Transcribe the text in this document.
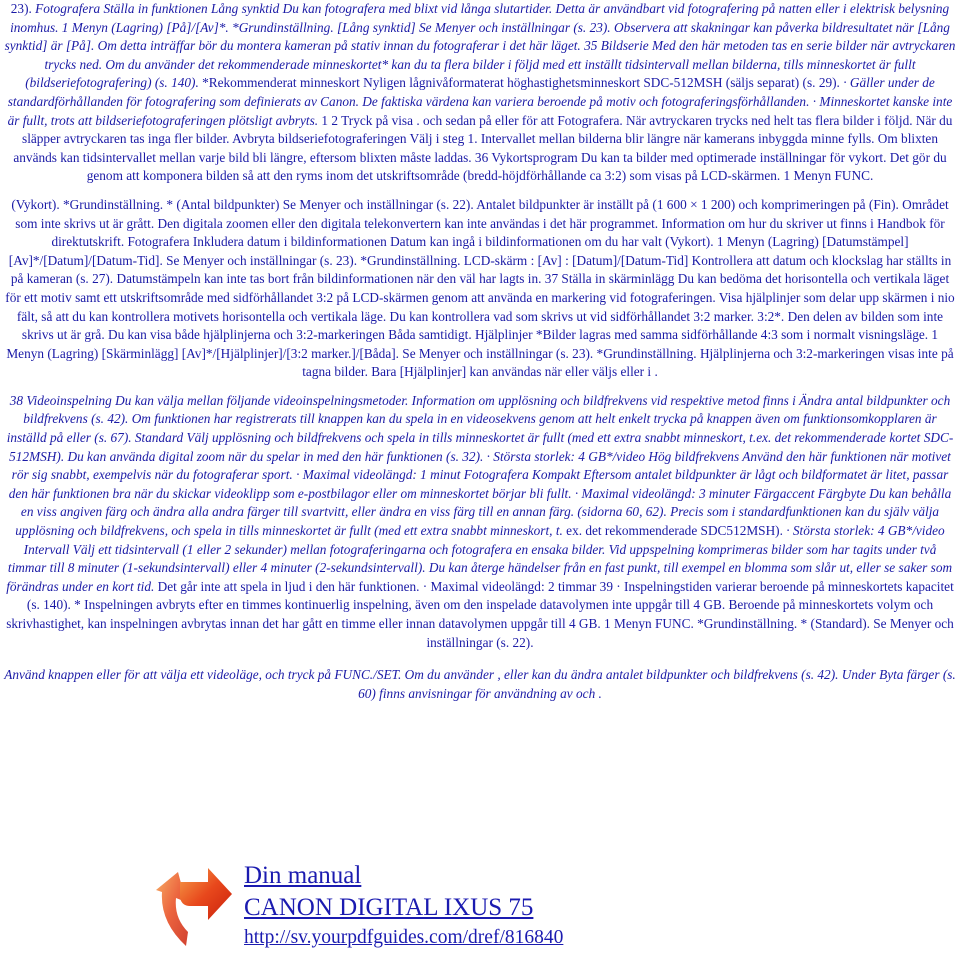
23). Fotografera Ställa in funktionen Lång synktid Du kan fotografera med blixt vid långa slutartider. Detta är användbart vid fotografering på natten eller i elektrisk belysning inomhus. 1 Menyn (Lagring) [På]/[Av]*. *Grundinställning. [Lång synktid] Se Menyer och inställningar (s. 23). Observera att skakningar kan påverka bildresultatet när [Lång synktid] är [På]. Om detta inträffar bör du montera kameran på stativ innan du fotograferar i det här läget. 35 Bildserie Med den här metoden tas en serie bilder när avtryckaren trycks ned. Om du använder det rekommenderade minneskortet* kan du ta flera bilder i följd med ett inställt tidsintervall mellan bilderna, tills minneskortet är fullt (bildseriefotografering) (s. 140). *Rekommenderat minneskort Nyligen lågnivåformaterat höghastighetsminneskort SDC-512MSH (säljs separat) (s. 29). · Gäller under de standardförhållanden för fotografering som definierats av Canon. De faktiska värdena kan variera beroende på motiv och fotograferingsförhållanden. · Minneskortet kanske inte är fullt, trots att bildseriefotograferingen plötsligt avbryts. 1 2 Tryck på visa . och sedan på eller för att Fotografera. När avtryckaren trycks ned helt tas flera bilder i följd. När du släpper avtryckaren tas inga fler bilder. Avbryta bildseriefotograferingen Välj i steg 1. Intervallet mellan bilderna blir längre när kamerans inbyggda minne fylls. Om blixten används kan tidsintervallet mellan varje bild bli längre, eftersom blixten måste laddas. 36 Vykortsprogram Du kan ta bilder med optimerade inställningar för vykort. Det gör du genom att komponera bilden så att den ryms inom det utskriftsområde (bredd-höjdförhållande ca 3:2) som visas på LCD-skärmen. 1 Menyn FUNC.

(Vykort). *Grundinställning. * (Antal bildpunkter) Se Menyer och inställningar (s. 22). Antalet bildpunkter är inställt på (1 600 × 1 200) och komprimeringen på (Fin). Området som inte skrivs ut är grått. Den digitala zoomen eller den digitala telekonvertern kan inte användas i det här programmet. Information om hur du skriver ut finns i Handbok för direktutskrift. Fotografera Inkludera datum i bildinformationen Datum kan ingå i bildinformationen om du har valt (Vykort). 1 Menyn (Lagring) [Datumstämpel] [Av]*/[Datum]/[Datum-Tid]. Se Menyer och inställningar (s. 23). *Grundinställning. LCD-skärm : [Av] : [Datum]/[Datum-Tid] Kontrollera att datum och klockslag har ställts in på kameran (s. 27). Datumstämpeln kan inte tas bort från bildinformationen när den väl har lagts in. 37 Ställa in skärminlägg Du kan bedöma det horisontella och vertikala läget för ett motiv samt ett utskriftsområde med sidförhållandet 3:2 på LCD-skärmen genom att använda en markering vid fotograferingen. Visa hjälplinjer som delar upp skärmen i nio fält, så att du kan kontrollera motivets horisontella och vertikala läge. Du kan kontrollera vad som skrivs ut vid sidförhållandet 3:2 marker. 3:2*. Den delen av bilden som inte skrivs ut är grå. Du kan visa både hjälplinjerna och 3:2-markeringen Båda samtidigt. Hjälplinjer *Bilder lagras med samma sidförhållande 4:3 som i normalt visningsläge. 1 Menyn (Lagring) [Skärminlägg] [Av]*/[Hjälplinjer]/[3:2 marker.]/[Båda]. Se Menyer och inställningar (s. 23). *Grundinställning. Hjälplinjerna och 3:2-markeringen visas inte på tagna bilder. Bara [Hjälplinjer] kan användas när eller väljs eller i .

38 Videoinspelning Du kan välja mellan följande videoinspelningsmetoder. Information om upplösning och bildfrekvens vid respektive metod finns i Ändra antal bildpunkter och bildfrekvens (s. 42). Om funktionen har registrerats till knappen kan du spela in en videosekvens genom att helt enkelt trycka på knappen även om funktionsomkopplaren är inställd på eller (s. 67). Standard Välj upplösning och bildfrekvens och spela in tills minneskortet är fullt (med ett extra snabbt minneskort, t.ex. det rekommenderade kortet SDC-512MSH). Du kan använda digital zoom när du spelar in med den här funktionen (s. 32). · Största storlek: 4 GB*/video Hög bildfrekvens Använd den här funktionen när motivet rör sig snabbt, exempelvis när du fotograferar sport. · Maximal videolängd: 1 minut Fotografera Kompakt Eftersom antalet bildpunkter är lågt och bildformatet är litet, passar den här funktionen bra när du skickar videoklipp som e-postbilagor eller om minneskortet börjar bli fullt. · Maximal videolängd: 3 minuter Färgaccent Färgbyte Du kan behålla en viss angiven färg och ändra alla andra färger till svartvitt, eller ändra en viss färg till en annan färg. (sidorna 60, 62). Precis som i standardfunktionen kan du själv välja upplösning och bildfrekvens, och spela in tills minneskortet är fullt (med ett extra snabbt minneskort, t. ex. det rekommenderade SDC512MSH). · Största storlek: 4 GB*/video Intervall Välj ett tidsintervall (1 eller 2 sekunder) mellan fotograferingarna och fotografera en ensaka bilder. Vid uppspelning komprimeras bilder som har tagits under två timmar till 8 minuter (1-sekundsintervall) eller 4 minuter (2-sekundsintervall). Du kan återge händelser från en fast punkt, till exempel en blomma som slår ut, eller se saker som förändras under en kort tid. Det går inte att spela in ljud i den här funktionen. · Maximal videolängd: 2 timmar 39 · Inspelningstiden varierar beroende på minneskortets kapacitet (s. 140). * Inspelningen avbryts efter en timmes kontinuerlig inspelning, även om den inspelade datavolymen inte uppgår till 4 GB. Beroende på minneskortets volym och skrivhastighet, kan inspelningen avbrytas innan det har gått en timme eller innan datavolymen uppgår till 4 GB. 1 Menyn FUNC. *Grundinställning. * (Standard). Se Menyer och inställningar (s. 22).

Använd knappen eller för att välja ett videoläge, och tryck på FUNC./SET. Om du använder , eller kan du ändra antalet bildpunkter och bildfrekvens (s. 42). Under Byta färger (s. 60) finns anvisningar för användning av och .

Din manual
CANON DIGITAL IXUS 75
http://sv.yourpdfguides.com/dref/816840
